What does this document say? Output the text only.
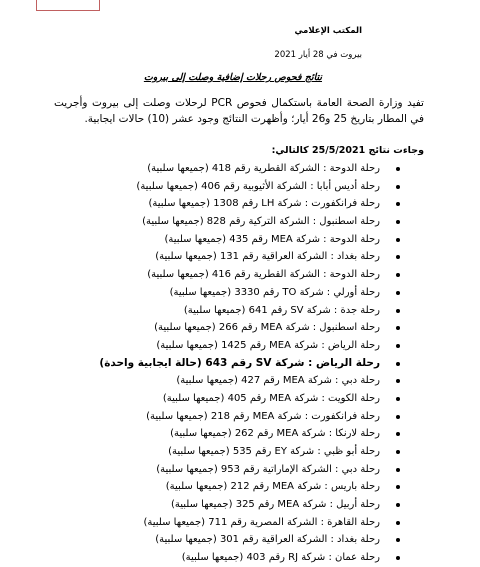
المكتب الإعلامي
بيروت في 28 أيار 2021
نتائج فحوص رحلات إضافية وصلت إلى بيروت
تفيد وزارة الصحة العامة باستكمال فحوص PCR لرحلات وصلت إلى بيروت وأجريت في المطار بتاريخ 25 و26 أيار؛ وأظهرت النتائج وجود عشر (10) حالات ايجابية.
وجاءت نتائج 25/5/2021 كالتالي:
رحلة الدوحة : الشركة القطرية رقم 418 (جميعها سلبية)
رحلة أديس أبابا : الشركة الأثيوبية رقم 406 (جميعها سلبية)
رحلة فرانكفورت : شركة LH رقم 1308 (جميعها سلبية)
رحلة اسطنبول : الشركة التركية رقم 828 (جميعها سلبية)
رحلة الدوحة : شركة MEA رقم 435 (جميعها سلبية)
رحلة بغداد : الشركة العراقية رقم 131 (جميعها سلبية)
رحلة الدوحة : الشركة القطرية رقم 416 (جميعها سلبية)
رحلة أورلي : شركة TO رقم 3330 (جميعها سلبية)
رحلة جدة : شركة SV رقم 641 (جميعها سلبية)
رحلة اسطنبول : شركة MEA رقم 266 (جميعها سلبية)
رحلة الرياض : شركة MEA رقم 1425 (جميعها سلبية)
رحلة الرياض : شركة SV رقم 643 (حالة ايجابية واحدة)
رحلة دبي : شركة MEA رقم 427 (جميعها سلبية)
رحلة الكويت : شركة MEA رقم 405 (جميعها سلبية)
رحلة فرانكفورت : شركة MEA رقم 218 (جميعها سلبية)
رحلة لارنكا : شركة MEA رقم 262 (جميعها سلبية)
رحلة أبو ظبي : شركة EY رقم 535 (جميعها سلبية)
رحلة دبي : الشركة الإماراتية رقم 953 (جميعها سلبية)
رحلة باريس : شركة MEA رقم 212 (جميعها سلبية)
رحلة أربيل : شركة MEA رقم 325 (جميعها سلبية)
رحلة القاهرة : الشركة المصرية رقم 711 (جميعها سلبية)
رحلة بغداد : الشركة العراقية رقم 301 (جميعها سلبية)
رحلة عمان : شركة RJ رقم 403 (جميعها سلبية)
